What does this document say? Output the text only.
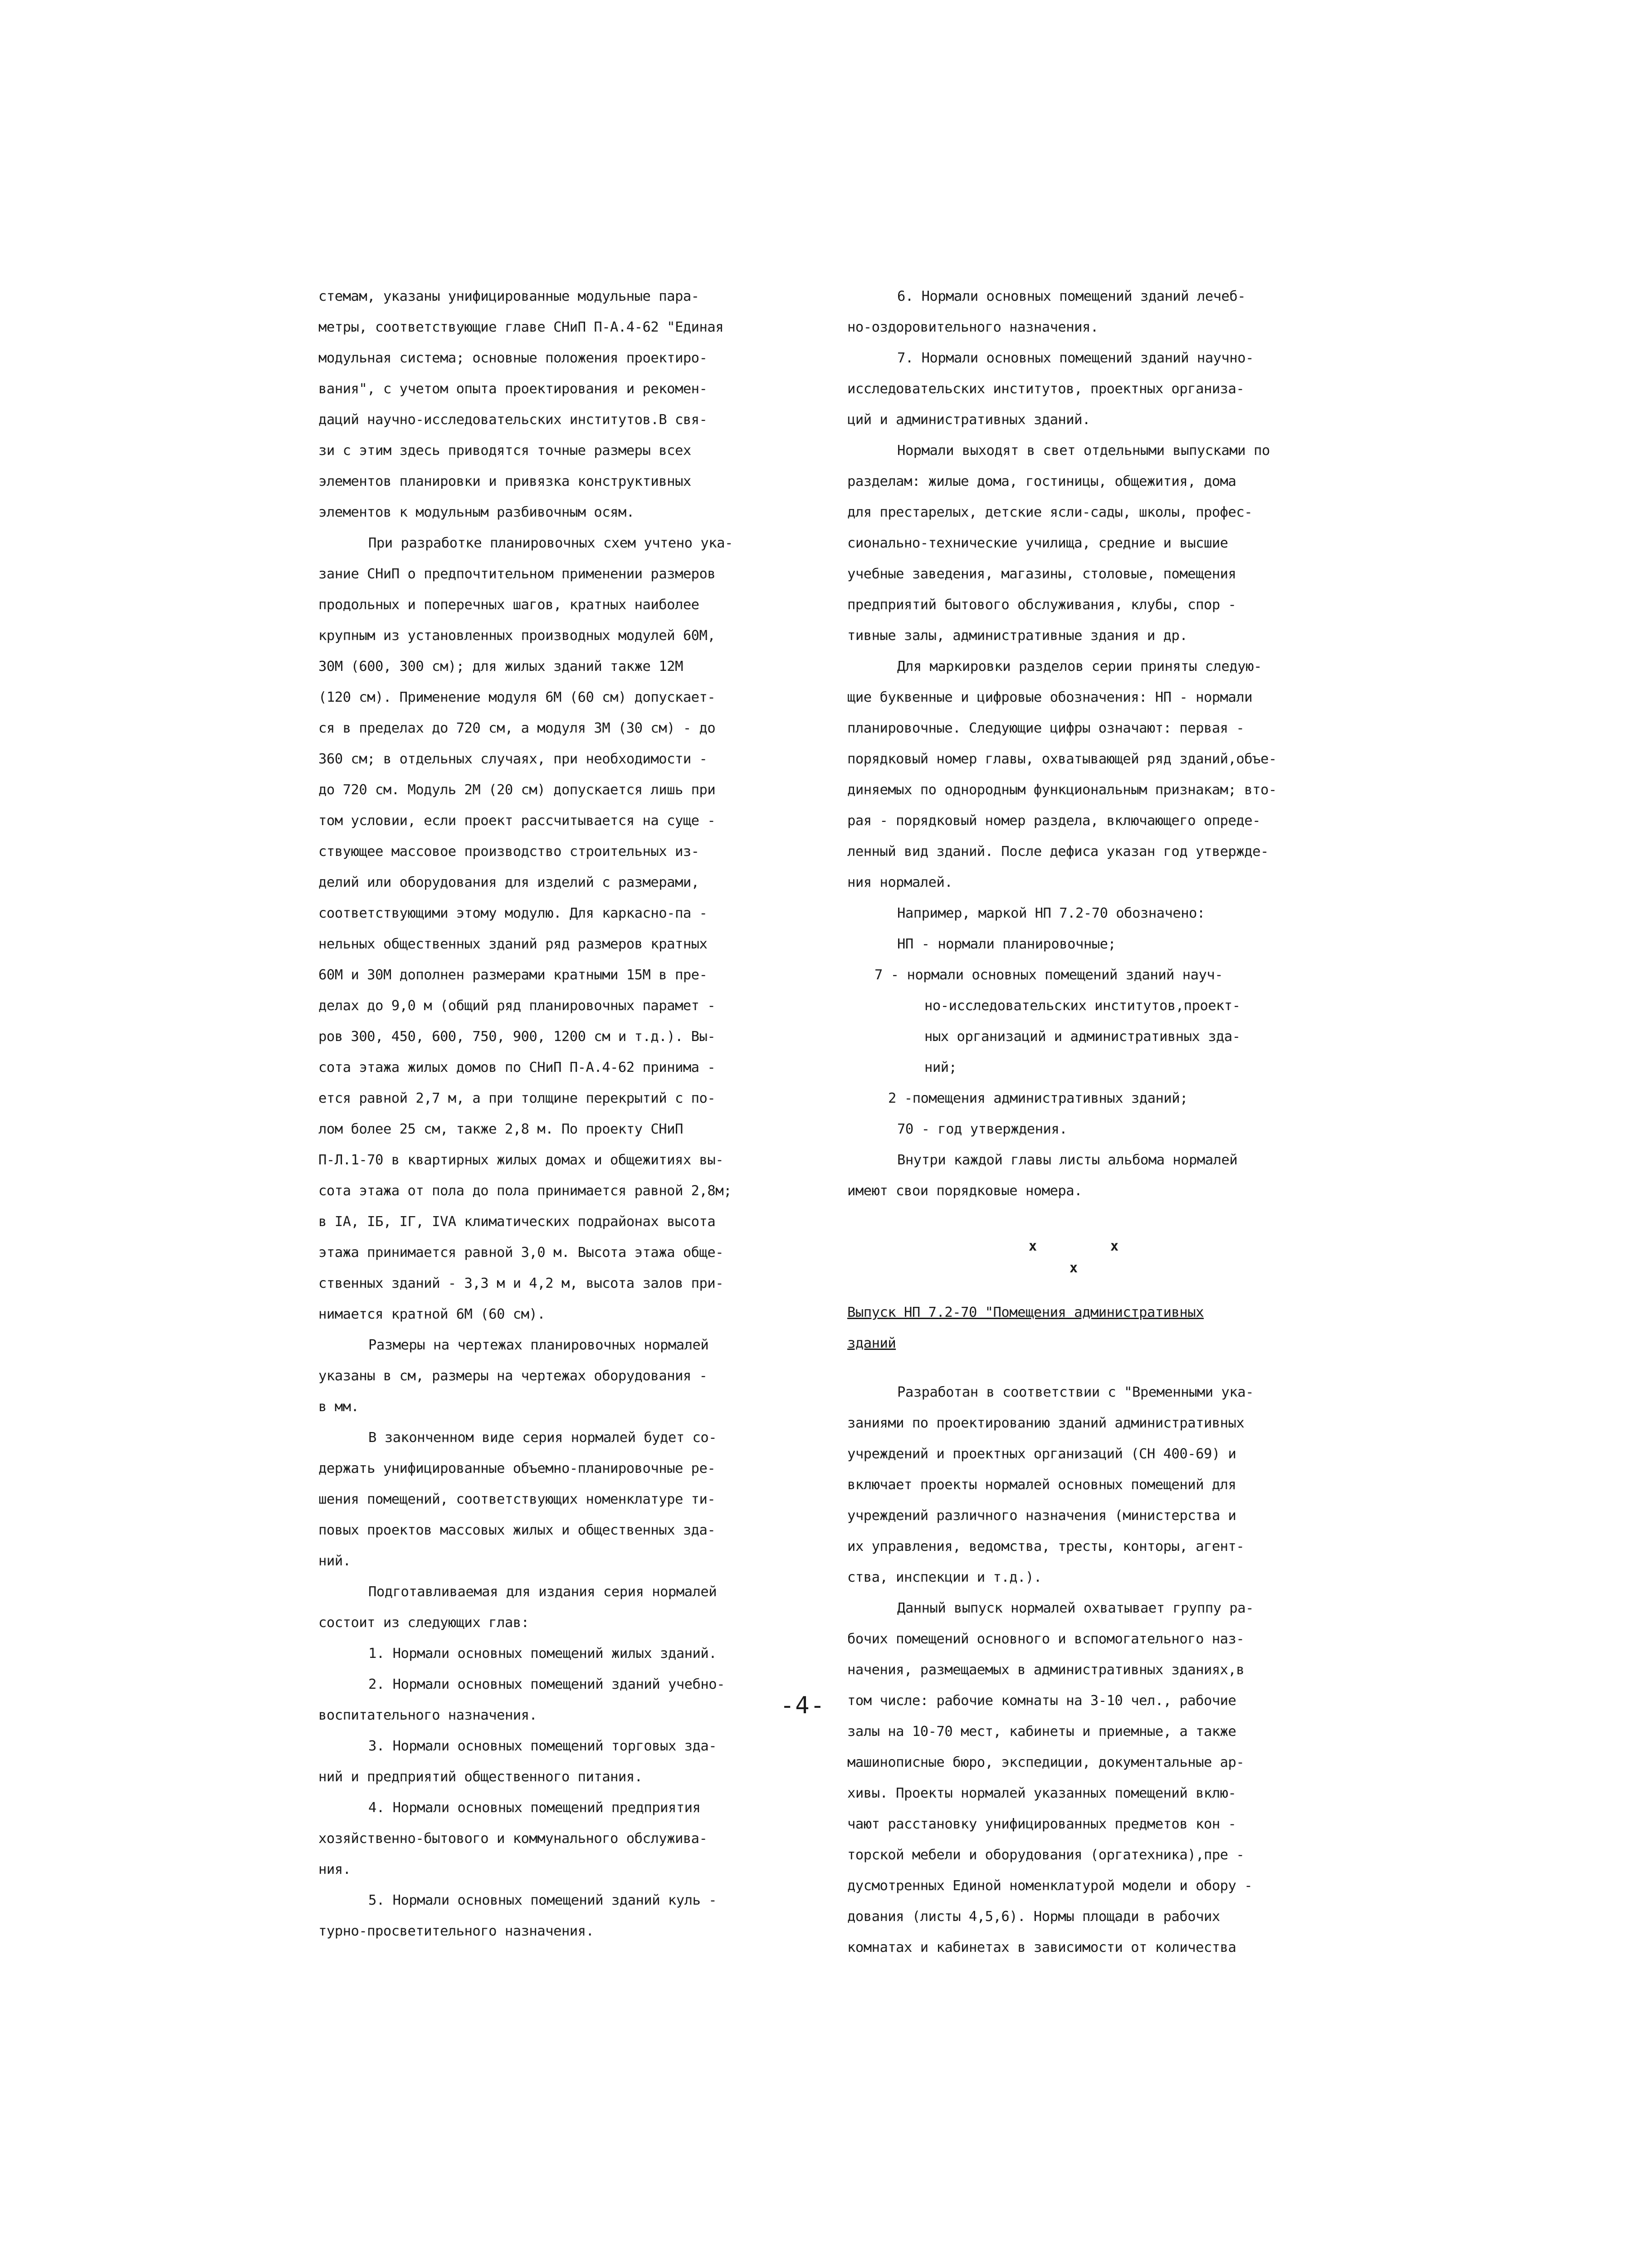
стемам, указаны унифицированные модульные пара-
метры, соответствующие главе СНиП П-А.4-62 "Единая
модульная система; основные положения проектиро-
вания", с учетом опыта проектирования и рекомен-
даций научно-исследовательских институтов.В свя-
зи с этим здесь приводятся точные размеры всех
элементов планировки и привязка конструктивных
элементов к модульным разбивочным осям.

При разработке планировочных схем учтено ука-
зание СНиП о предпочтительном применении размеров
продольных и поперечных шагов, кратных наиболее
крупным из установленных производных модулей 60М,
30М (600, 300 см); для жилых зданий также 12М
(120 см). Применение модуля 6М (60 см) допускает-
ся в пределах до 720 см, а модуля 3М (30 см) - до
360 см; в отдельных случаях, при необходимости -
до 720 см. Модуль 2М (20 см) допускается лишь при
том условии, если проект рассчитывается на суще -
ствующее массовое производство строительных из-
делий или оборудования для изделий с размерами,
соответствующими этому модулю. Для каркасно-па -
нельных общественных зданий ряд размеров кратных
60М и 30М дополнен размерами кратными 15М в пре-
делах до 9,0 м (общий ряд планировочных парамет -
ров 300, 450, 600, 750, 900, 1200 см и т.д.). Вы-
сота этажа жилых домов по СНиП П-А.4-62 принима -
ется равной 2,7 м, а при толщине перекрытий с по-
лом более 25 см, также 2,8 м. По проекту СНиП
П-Л.1-70 в квартирных жилых домах и общежитиях вы-
сота этажа от пола до пола принимается равной 2,8м;
в IA, IБ, IГ, IVA климатических подрайонах высота
этажа принимается равной 3,0 м. Высота этажа обще-
ственных зданий - 3,3 м и 4,2 м, высота залов при-
нимается кратной 6М (60 см).

Размеры на чертежах планировочных нормалей
указаны в см, размеры на чертежах оборудования -
в мм.

В законченном виде серия нормалей будет со-
держать унифицированные объемно-планировочные ре-
шения помещений, соответствующих номенклатуре ти-
повых проектов массовых жилых и общественных зда-
ний.

Подготавливаемая для издания серия нормалей
состоит из следующих глав:

1. Нормали основных помещений жилых зданий.

2. Нормали основных помещений зданий учебно-
воспитательного назначения.

3. Нормали основных помещений торговых зда-
ний и предприятий общественного питания.

4. Нормали основных помещений предприятия
хозяйственно-бытового и коммунального обслужива-
ния.

5. Нормали основных помещений зданий куль -
турно-просветительного назначения.

6. Нормали основных помещений зданий лечеб-
но-оздоровительного назначения.

7. Нормали основных помещений зданий научно-
исследовательских институтов, проектных организа-
ций и административных зданий.

Нормали выходят в свет отдельными выпусками по
разделам: жилые дома, гостиницы, общежития, дома
для престарелых, детские ясли-сады, школы, профес-
сионально-технические училища, средние и высшие
учебные заведения, магазины, столовые, помещения
предприятий бытового обслуживания, клубы, спор -
тивные залы, административные здания и др.

Для маркировки разделов серии приняты следую-
щие буквенные и цифровые обозначения: НП - нормали
планировочные. Следующие цифры означают: первая -
порядковый номер главы, охватывающей ряд зданий,объе-
диняемых по однородным функциональным признакам; вто-
рая - порядковый номер раздела, включающего опреде-
ленный вид зданий. После дефиса указан год утвержде-
ния нормалей.

Например, маркой НП 7.2-70 обозначено:

НП - нормали планировочные;

7 - нормали основных помещений зданий науч-
но-исследовательских институтов,проект-
ных организаций и административных зда-
ний;

2 -помещения административных зданий;

70 - год утверждения.

Внутри каждой главы листы альбома нормалей
имеют свои порядковые номера.

х	х
х

Выпуск НП 7.2-70 "Помещения административных
зданий

Разработан в соответствии с "Временными ука-
заниями по проектированию зданий административных
учреждений и проектных организаций (СН 400-69) и
включает проекты нормалей основных помещений для
учреждений различного назначения (министерства и
их управления, ведомства, тресты, конторы, агент-
ства, инспекции и т.д.).

Данный выпуск нормалей охватывает группу ра-
бочих помещений основного и вспомогательного наз-
начения, размещаемых в административных зданиях,в
том числе: рабочие комнаты на 3-10 чел., рабочие
залы на 10-70 мест, кабинеты и приемные, а также
машинописные бюро, экспедиции, документальные ар-
хивы. Проекты нормалей указанных помещений вклю-
чают расстановку унифицированных предметов кон -
торской мебели и оборудования (оргатехника),пре -
дусмотренных Единой номенклатурой модели и обору -
дования (листы 4,5,6). Нормы площади в рабочих
комнатах и кабинетах в зависимости от количества

-4-
